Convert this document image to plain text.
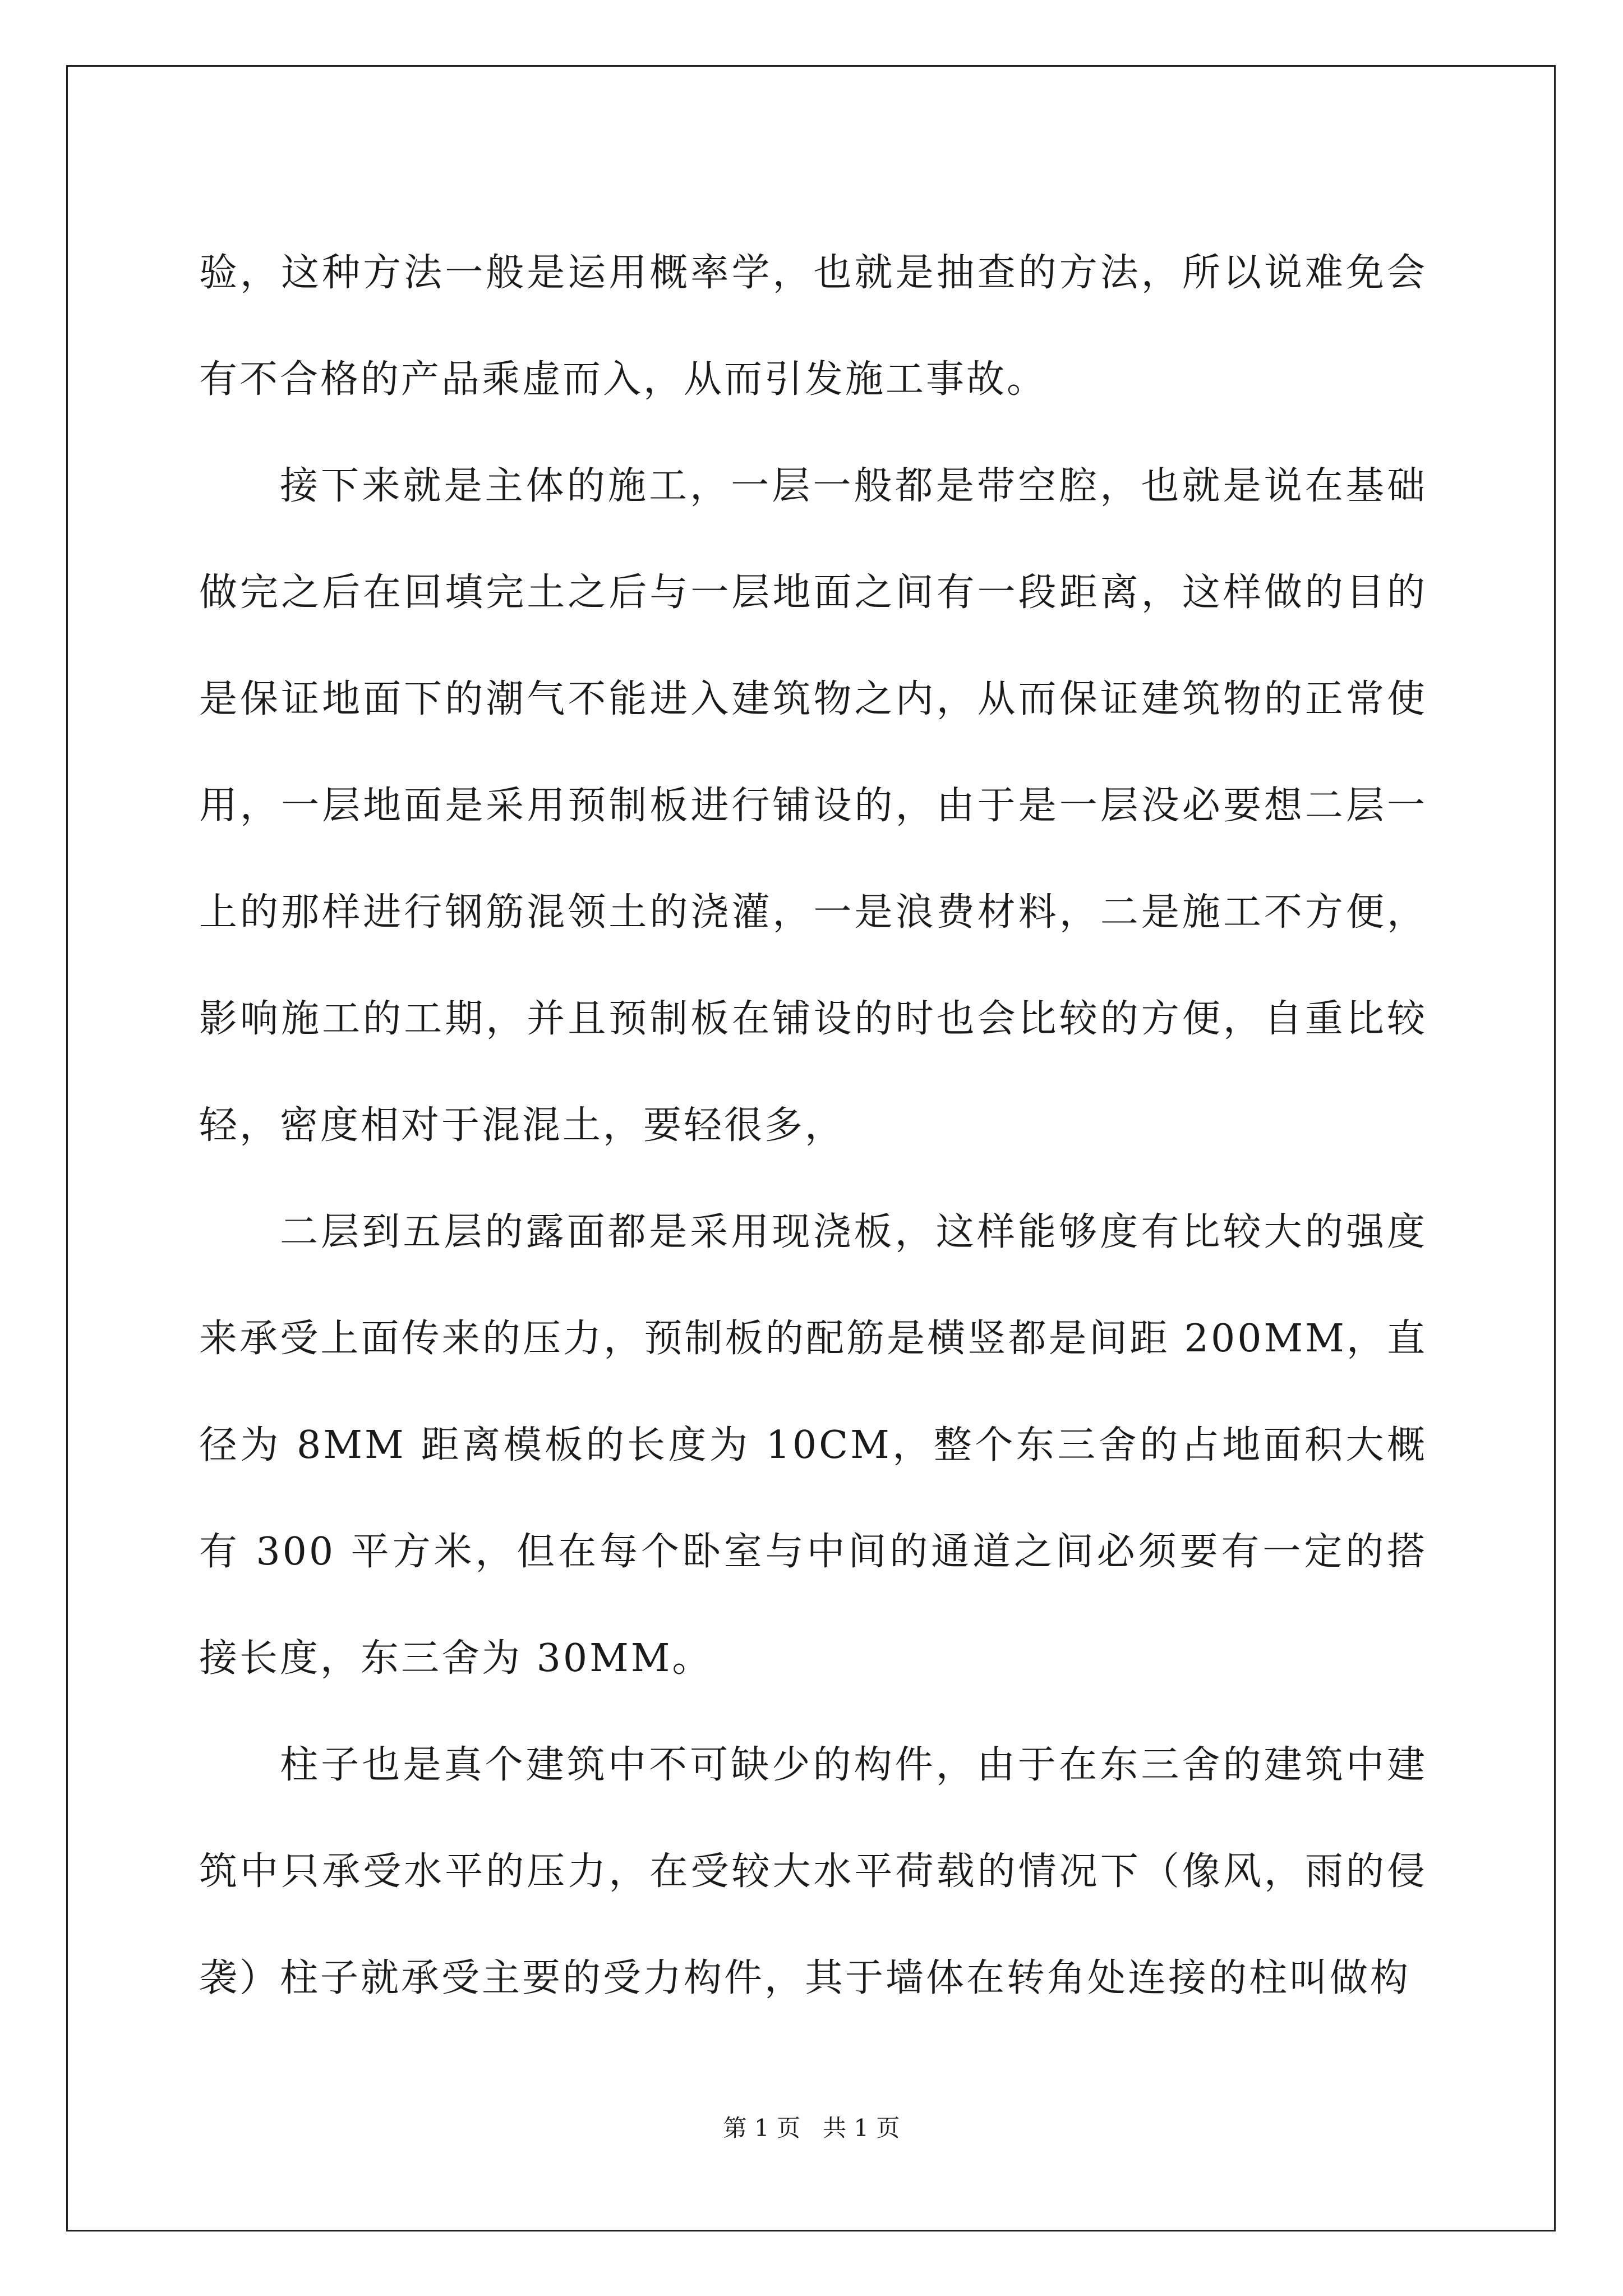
验，这种方法一般是运用概率学，也就是抽查的方法，所以说难免会有不合格的产品乘虚而入，从而引发施工事故。

接下来就是主体的施工，一层一般都是带空腔，也就是说在基础做完之后在回填完土之后与一层地面之间有一段距离，这样做的目的是保证地面下的潮气不能进入建筑物之内，从而保证建筑物的正常使用，一层地面是采用预制板进行铺设的，由于是一层没必要想二层一上的那样进行钢筋混领土的浇灌，一是浪费材料，二是施工不方便，影响施工的工期，并且预制板在铺设的时也会比较的方便，自重比较轻，密度相对于混混土，要轻很多，

二层到五层的露面都是采用现浇板，这样能够度有比较大的强度来承受上面传来的压力，预制板的配筋是横竖都是间距 200MM，直径为 8MM 距离模板的长度为 10CM，整个东三舍的占地面积大概有 300 平方米，但在每个卧室与中间的通道之间必须要有一定的搭接长度，东三舍为 30MM。

柱子也是真个建筑中不可缺少的构件，由于在东三舍的建筑中建筑中只承受水平的压力，在受较大水平荷载的情况下（像风，雨的侵袭）柱子就承受主要的受力构件，其于墙体在转角处连接的柱叫做构

第 1 页 共 1 页
